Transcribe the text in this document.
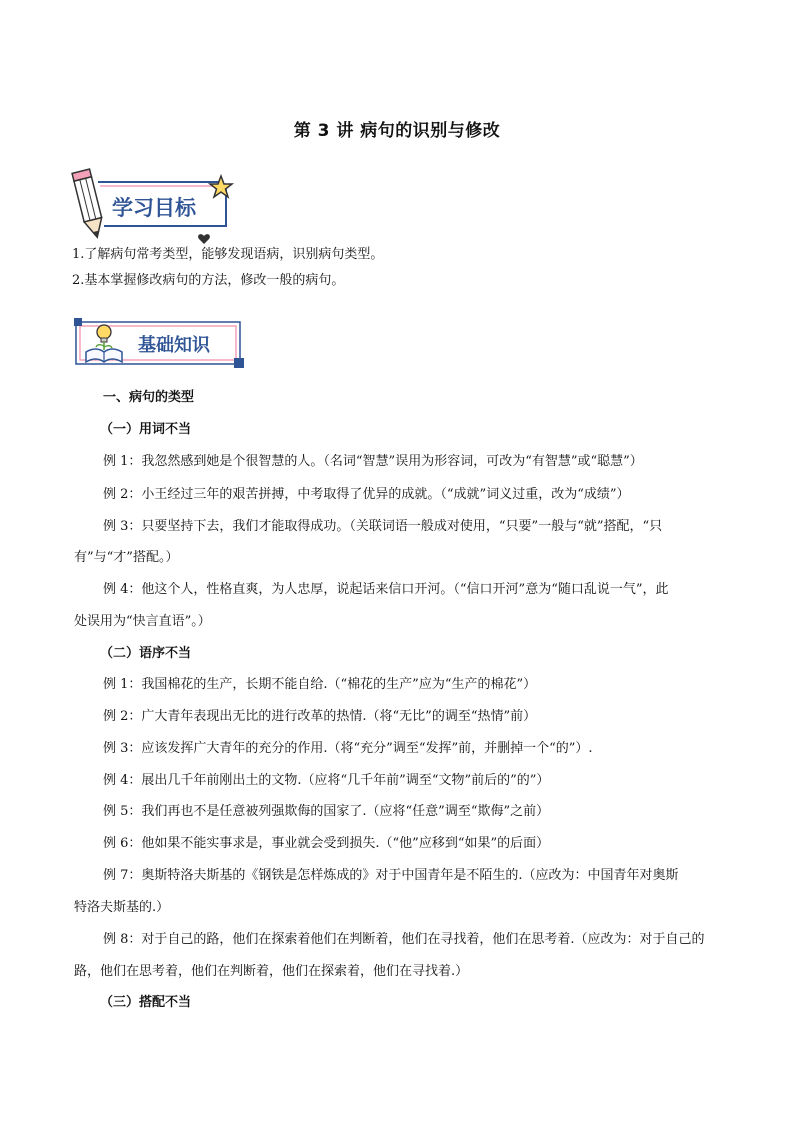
第 3 讲 病句的识别与修改
学习目标
1.了解病句常考类型，能够发现语病，识别病句类型。
2.基本掌握修改病句的方法，修改一般的病句。
基础知识
一、病句的类型
（一）用词不当
例 1：我忽然感到她是个很智慧的人。（名词“智慧”误用为形容词，可改为“有智慧”或“聪慧”）
例 2：小王经过三年的艰苦拼搏，中考取得了优异的成就。（“成就”词义过重，改为“成绩”）
例 3：只要坚持下去，我们才能取得成功。（关联词语一般成对使用，“只要”一般与“就”搭配，“只
有”与“才”搭配。）
例 4：他这个人，性格直爽，为人忠厚，说起话来信口开河。（“信口开河”意为“随口乱说一气”，此
处误用为“快言直语”。）
（二）语序不当
例 1：我国棉花的生产，长期不能自给.（“棉花的生产”应为“生产的棉花”）
例 2：广大青年表现出无比的进行改革的热情.（将“无比”的调至“热情”前）
例 3：应该发挥广大青年的充分的作用.（将“充分”调至“发挥”前，并删掉一个“的”）.
例 4：展出几千年前刚出土的文物.（应将“几千年前”调至“文物”前后的”的”）
例 5：我们再也不是任意被列强欺侮的国家了.（应将“任意”调至“欺侮”之前）
例 6：他如果不能实事求是，事业就会受到损失.（“他”应移到“如果”的后面）
例 7：奥斯特洛夫斯基的《钢铁是怎样炼成的》对于中国青年是不陌生的.（应改为：中国青年对奥斯
特洛夫斯基的.）
例 8：对于自己的路，他们在探索着他们在判断着，他们在寻找着，他们在思考着.（应改为：对于自己的
路，他们在思考着，他们在判断着，他们在探索着，他们在寻找着.）
（三）搭配不当
